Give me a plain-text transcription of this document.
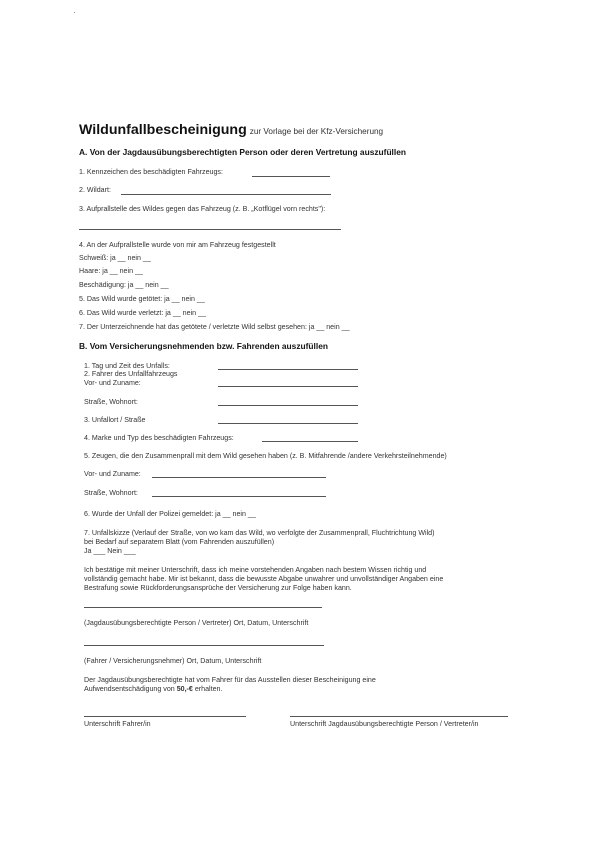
Wildunfallbescheinigung zur Vorlage bei der Kfz-Versicherung
A. Von der Jagdausübungsberechtigten Person oder deren Vertretung auszufüllen
1. Kennzeichen des beschädigten Fahrzeugs:
2. Wildart:
3. Aufprallstelle des Wildes gegen das Fahrzeug (z. B. „Kotflügel vorn rechts"):
4. An der Aufprallstelle wurde von mir am Fahrzeug festgestellt
Schweiß: ja __ nein __
Haare: ja __ nein __
Beschädigung: ja __ nein __
5. Das Wild wurde getötet: ja __ nein __
6. Das Wild wurde verletzt: ja __ nein __
7. Der Unterzeichnende hat das getötete / verletzte Wild selbst gesehen: ja __ nein __
B. Vom Versicherungsnehmenden bzw. Fahrenden auszufüllen
1. Tag und Zeit des Unfalls:
2. Fahrer des Unfallfahrzeugs
Vor- und Zuname:
Straße, Wohnort:
3. Unfallort / Straße
4. Marke und Typ des beschädigten Fahrzeugs:
5. Zeugen, die den Zusammenprall mit dem Wild gesehen haben (z. B. Mitfahrende /andere Verkehrsteilnehmende)
Vor- und Zuname:
Straße, Wohnort:
6. Wurde der Unfall der Polizei gemeldet: ja __ nein __
7. Unfallskizze (Verlauf der Straße, von wo kam das Wild, wo verfolgte der Zusammenprall, Fluchtrichtung Wild)
bei Bedarf auf separatem Blatt (vom Fahrenden auszufüllen)
Ja ___ Nein ___
Ich bestätige mit meiner Unterschrift, dass ich meine vorstehenden Angaben nach bestem Wissen richtig und
vollständig gemacht habe. Mir ist bekannt, dass die bewusste Abgabe unwahrer und unvollständiger Angaben eine
Bestrafung sowie Rückforderungsansprüche der Versicherung zur Folge haben kann.
(Jagdausübungsberechtigte Person / Vertreter) Ort, Datum, Unterschrift
(Fahrer / Versicherungsnehmer) Ort, Datum, Unterschrift
Der Jagdausübungsberechtigte hat vom Fahrer für das Ausstellen dieser Bescheinigung eine
Aufwendsentschädigung von 50,-€ erhalten.
Unterschrift Fahrer/in	Unterschrift Jagdausübungsberechtigte Person / Vertreter/in
